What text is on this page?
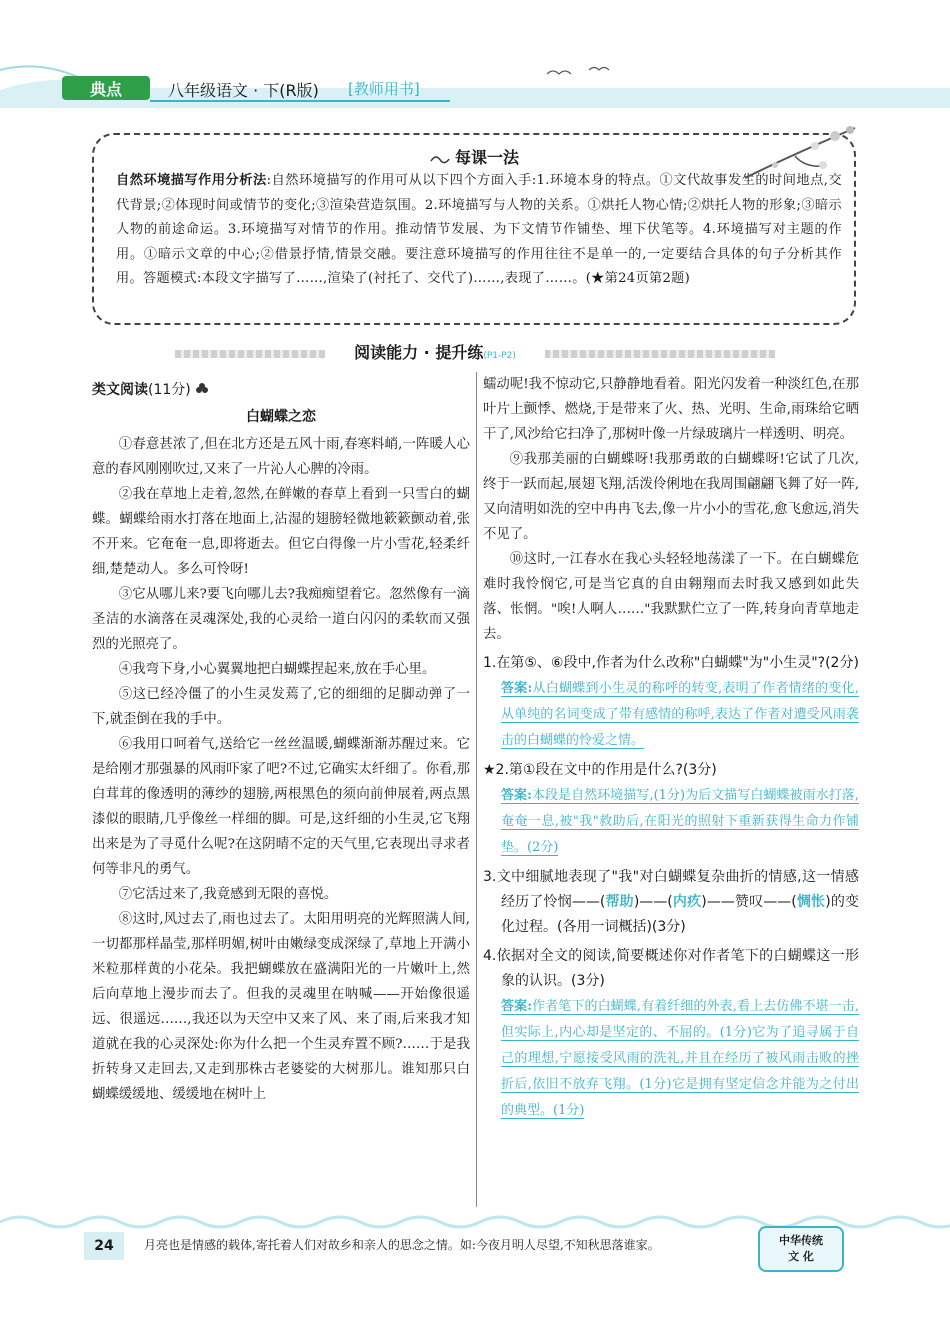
典点	八年级语文 · 下(R版) [教师用书]
每课一法
自然环境描写作用分析法:自然环境描写的作用可从以下四个方面入手:1.环境本身的特点。①文代故事发生的时间地点,交代背景;②体现时间或情节的变化;③渲染营造氛围。2.环境描写与人物的关系。①烘托人物心情;②烘托人物的形象;③暗示人物的前途命运。3.环境描写对情节的作用。推动情节发展、为下文情节作铺垫、埋下伏笔等。4.环境描写对主题的作用。①暗示文章的中心;②借景抒情,情景交融。要注意环境描写的作用往往不是单一的,一定要结合具体的句子分析其作用。答题模式:本段文字描写了……,渲染了(衬托了、交代了)……,表现了……。(★第24页第2题)
阅读能力 · 提升练(P1-P2)
类文阅读(11分)
白蝴蝶之恋

①春意甚浓了,但在北方还是五风十雨,春寒料峭,一阵暖人心意的春风刚刚吹过,又来了一片沁人心脾的冷雨。

②我在草地上走着,忽然,在鲜嫩的春草上看到一只雪白的蝴蝶。蝴蝶给雨水打落在地面上,沾湿的翅膀轻微地簌簌颤动着,张不开来。它奄奄一息,即将逝去。但它白得像一片小雪花,轻柔纤细,楚楚动人。多么可怜呀!

③它从哪儿来?要飞向哪儿去?我痴痴望着它。忽然像有一滴圣洁的水滴落在灵魂深处,我的心灵给一道白闪闪的柔软而又强烈的光照亮了。

④我弯下身,小心翼翼地把白蝴蝶捏起来,放在手心里。

⑤这已经冷僵了的小生灵发蔫了,它的细细的足脚动弹了一下,就歪倒在我的手中。

⑥我用口呵着气,送给它一丝丝温暖,蝴蝶渐渐苏醒过来。它是给刚才那强暴的风雨吓家了吧?不过,它确实太纤细了。你看,那白茸茸的像透明的薄纱的翅膀,两根黑色的须向前伸展着,两点黑漆似的眼睛,几乎像丝一样细的脚。可是,这纤细的小生灵,它飞翔出来是为了寻觅什么呢?在这阴晴不定的天气里,它表现出寻求者何等非凡的勇气。

⑦它活过来了,我竟感到无限的喜悦。

⑧这时,风过去了,雨也过去了。太阳用明亮的光辉照满人间,一切都那样晶莹,那样明媚,树叶由嫩绿变成深绿了,草地上开满小米粒那样黄的小花朵。我把蝴蝶放在盛满阳光的一片嫩叶上,然后向草地上漫步而去了。但我的灵魂里在呐喊——开始像很遥远、很遥远……,我还以为天空中又来了风、来了雨,后来我才知道就在我的心灵深处:你为什么把一个生灵弃置不顾?……于是我折转身又走回去,又走到那株古老婆娑的大树那儿。谁知那只白蝴蝶缓缓地、缓缓地在树叶上

蠕动呢!我不惊动它,只静静地看着。阳光闪发着一种淡红色,在那叶片上颤悸、燃烧,于是带来了火、热、光明、生命,雨珠给它晒干了,风沙给它扫净了,那树叶像一片绿玻璃片一样透明、明亮。

⑨我那美丽的白蝴蝶呀!我那勇敢的白蝴蝶呀!它试了几次,终于一跃而起,展翅飞翔,活泼伶俐地在我周围翩翩飞舞了好一阵,又向清明如洗的空中冉冉飞去,像一片小小的雪花,愈飞愈远,消失不见了。

⑩这时,一江春水在我心头轻轻地荡漾了一下。在白蝴蝶危难时我怜悯它,可是当它真的自由翱翔而去时我又感到如此失落、怅惘。"唉!人啊人……"我默默伫立了一阵,转身向青草地走去。

1.在第⑤、⑥段中,作者为什么改称"白蝴蝶"为"小生灵"?(2分)
答案:从白蝴蝶到小生灵的称呼的转变,表明了作者情绪的变化,从单纯的名词变成了带有感情的称呼,表达了作者对遭受风雨袭击的白蝴蝶的怜爱之情。
★2.第①段在文中的作用是什么?(3分)
答案:本段是自然环境描写,(1分)为后文描写白蝴蝶被雨水打落,奄奄一息,被"我"救助后,在阳光的照射下重新获得生命力作铺垫。(2分)
3.文中细腻地表现了"我"对白蝴蝶复杂曲折的情感,这一情感经历了怜悯——(帮助)——(内疚)——赞叹——(惆怅)的变化过程。(各用一词概括)(3分)
4.依据对全文的阅读,简要概述你对作者笔下的白蝴蝶这一形象的认识。(3分)
答案:作者笔下的白蝴蝶,有着纤细的外表,看上去仿佛不堪一击,但实际上,内心却是坚定的、不屈的。(1分)它为了追寻属于自己的理想,宁愿接受风雨的洗礼,并且在经历了被风雨击败的挫折后,依旧不放弃飞翔。(1分)它是拥有坚定信念并能为之付出的典型。(1分)
24	月亮也是情感的载体,寄托着人们对故乡和亲人的思念之情。如:今夜月明人尽望,不知秋思落谁家。	中华传统
文 化
